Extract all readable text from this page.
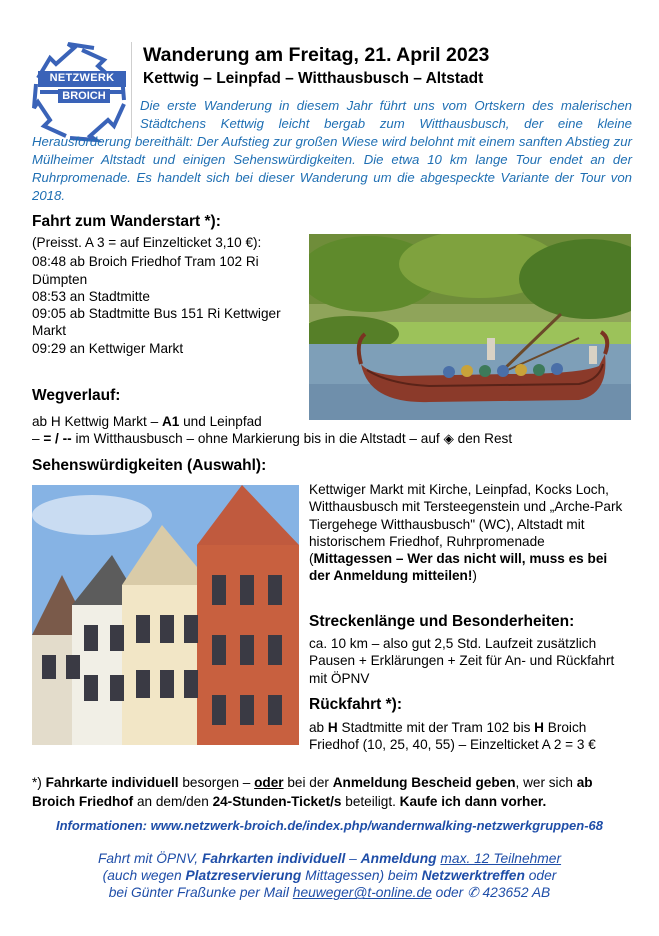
NETZWERK
BROICH
Wanderung am Freitag, 21. April 2023
Kettwig – Leinpfad – Witthausbusch – Altstadt

Die erste Wanderung in diesem Jahr führt uns vom Ortskern des malerischen Städtchens Kettwig leicht bergab zum Witthausbusch, der eine kleine Herausforderung bereithält: Der Aufstieg zur großen Wiese wird belohnt mit einem sanften Abstieg zur Mülheimer Altstadt und einigen Sehenswürdigkeiten. Die etwa 10 km lange Tour endet an der Ruhrpromenade. Es handelt sich bei dieser Wanderung um die abgespeckte Variante der Tour von 2018.

Fahrt zum Wanderstart *):

(Preisst. A 3 = auf Einzelticket 3,10 €):

08:48 ab Broich Friedhof Tram 102 Ri Dümpten

08:53 an Stadtmitte

09:05 ab Stadtmitte Bus 151 Ri Kettwiger Markt

09:29 an Kettwiger Markt

Wegverlauf:

ab H Kettwig Markt – A1 und Leinpfad

– = / -- im Witthausbusch – ohne Markierung bis in die Altstadt – auf ◈ den Rest

Sehenswürdigkeiten (Auswahl):

Kettwiger Markt mit Kirche, Leinpfad, Kocks Loch, Witthausbusch mit Tersteegenstein und „Arche-Park Tiergehege Witthausbusch" (WC), Altstadt mit historischem Friedhof, Ruhrpromenade (Mittagessen – Wer das nicht will, muss es bei der Anmeldung mitteilen!)

Streckenlänge und Besonderheiten:

ca. 10 km – also gut 2,5 Std. Laufzeit zusätzlich Pausen + Erklärungen + Zeit für An- und Rückfahrt mit ÖPNV

Rückfahrt *):

ab H Stadtmitte mit der Tram 102 bis H Broich Friedhof (10, 25, 40, 55) – Einzelticket A 2 = 3 €

*) Fahrkarte individuell besorgen – oder bei der Anmeldung Bescheid geben, wer sich ab Broich Friedhof an dem/den 24-Stunden-Ticket/s beteiligt. Kaufe ich dann vorher.

Informationen: www.netzwerk-broich.de/index.php/wandernwalking-netzwerkgruppen-68

Fahrt mit ÖPNV, Fahrkarten individuell – Anmeldung max. 12 Teilnehmer

(auch wegen Platzreservierung Mittagessen) beim Netzwerktreffen oder

bei Günter Fraßunke per Mail heuweger@t-online.de oder ✆ 423652 AB
